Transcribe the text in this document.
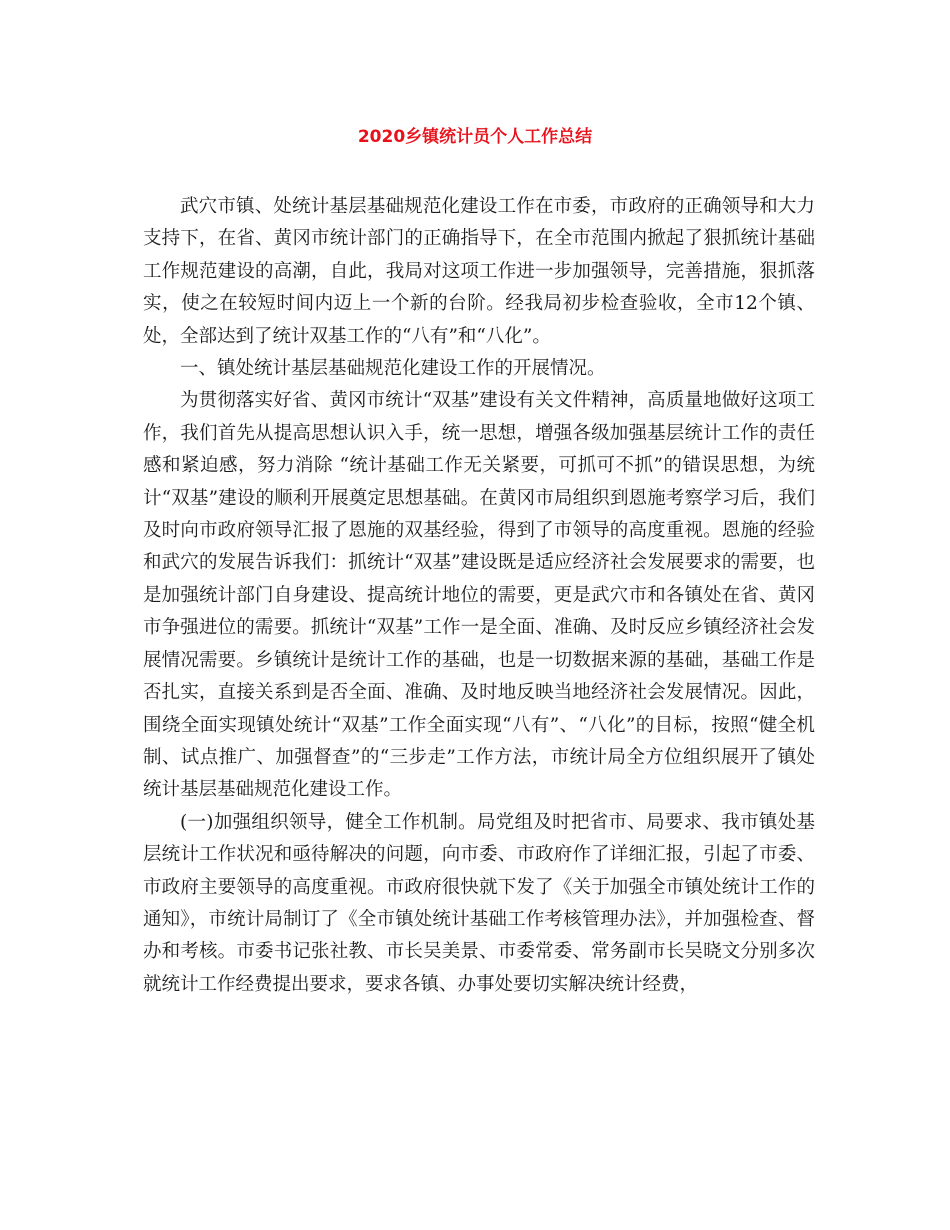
2020乡镇统计员个人工作总结

武穴市镇、处统计基层基础规范化建设工作在市委，市政府的正确领导和大力支持下，在省、黄冈市统计部门的正确指导下，在全市范围内掀起了狠抓统计基础工作规范建设的高潮，自此，我局对这项工作进一步加强领导，完善措施，狠抓落实，使之在较短时间内迈上一个新的台阶。经我局初步检查验收，全市12个镇、处，全部达到了统计双基工作的“八有”和“八化”。

一、镇处统计基层基础规范化建设工作的开展情况。

为贯彻落实好省、黄冈市统计“双基”建设有关文件精神，高质量地做好这项工作，我们首先从提高思想认识入手，统一思想，增强各级加强基层统计工作的责任感和紧迫感，努力消除 “统计基础工作无关紧要，可抓可不抓”的错误思想，为统计“双基”建设的顺利开展奠定思想基础。在黄冈市局组织到恩施考察学习后，我们及时向市政府领导汇报了恩施的双基经验，得到了市领导的高度重视。恩施的经验和武穴的发展告诉我们：抓统计“双基”建设既是适应经济社会发展要求的需要，也是加强统计部门自身建设、提高统计地位的需要，更是武穴市和各镇处在省、黄冈市争强进位的需要。抓统计“双基”工作一是全面、准确、及时反应乡镇经济社会发展情况需要。乡镇统计是统计工作的基础，也是一切数据来源的基础，基础工作是否扎实，直接关系到是否全面、准确、及时地反映当地经济社会发展情况。因此，围绕全面实现镇处统计“双基”工作全面实现“八有”、“八化”的目标，按照“健全机制、试点推广、加强督查”的“三步走”工作方法，市统计局全方位组织展开了镇处统计基层基础规范化建设工作。

(一)加强组织领导，健全工作机制。局党组及时把省市、局要求、我市镇处基层统计工作状况和亟待解决的问题，向市委、市政府作了详细汇报，引起了市委、市政府主要领导的高度重视。市政府很快就下发了《关于加强全市镇处统计工作的通知》，市统计局制订了《全市镇处统计基础工作考核管理办法》，并加强检查、督办和考核。市委书记张社教、市长吴美景、市委常委、常务副市长吴晓文分别多次就统计工作经费提出要求，要求各镇、办事处要切实解决统计经费，
